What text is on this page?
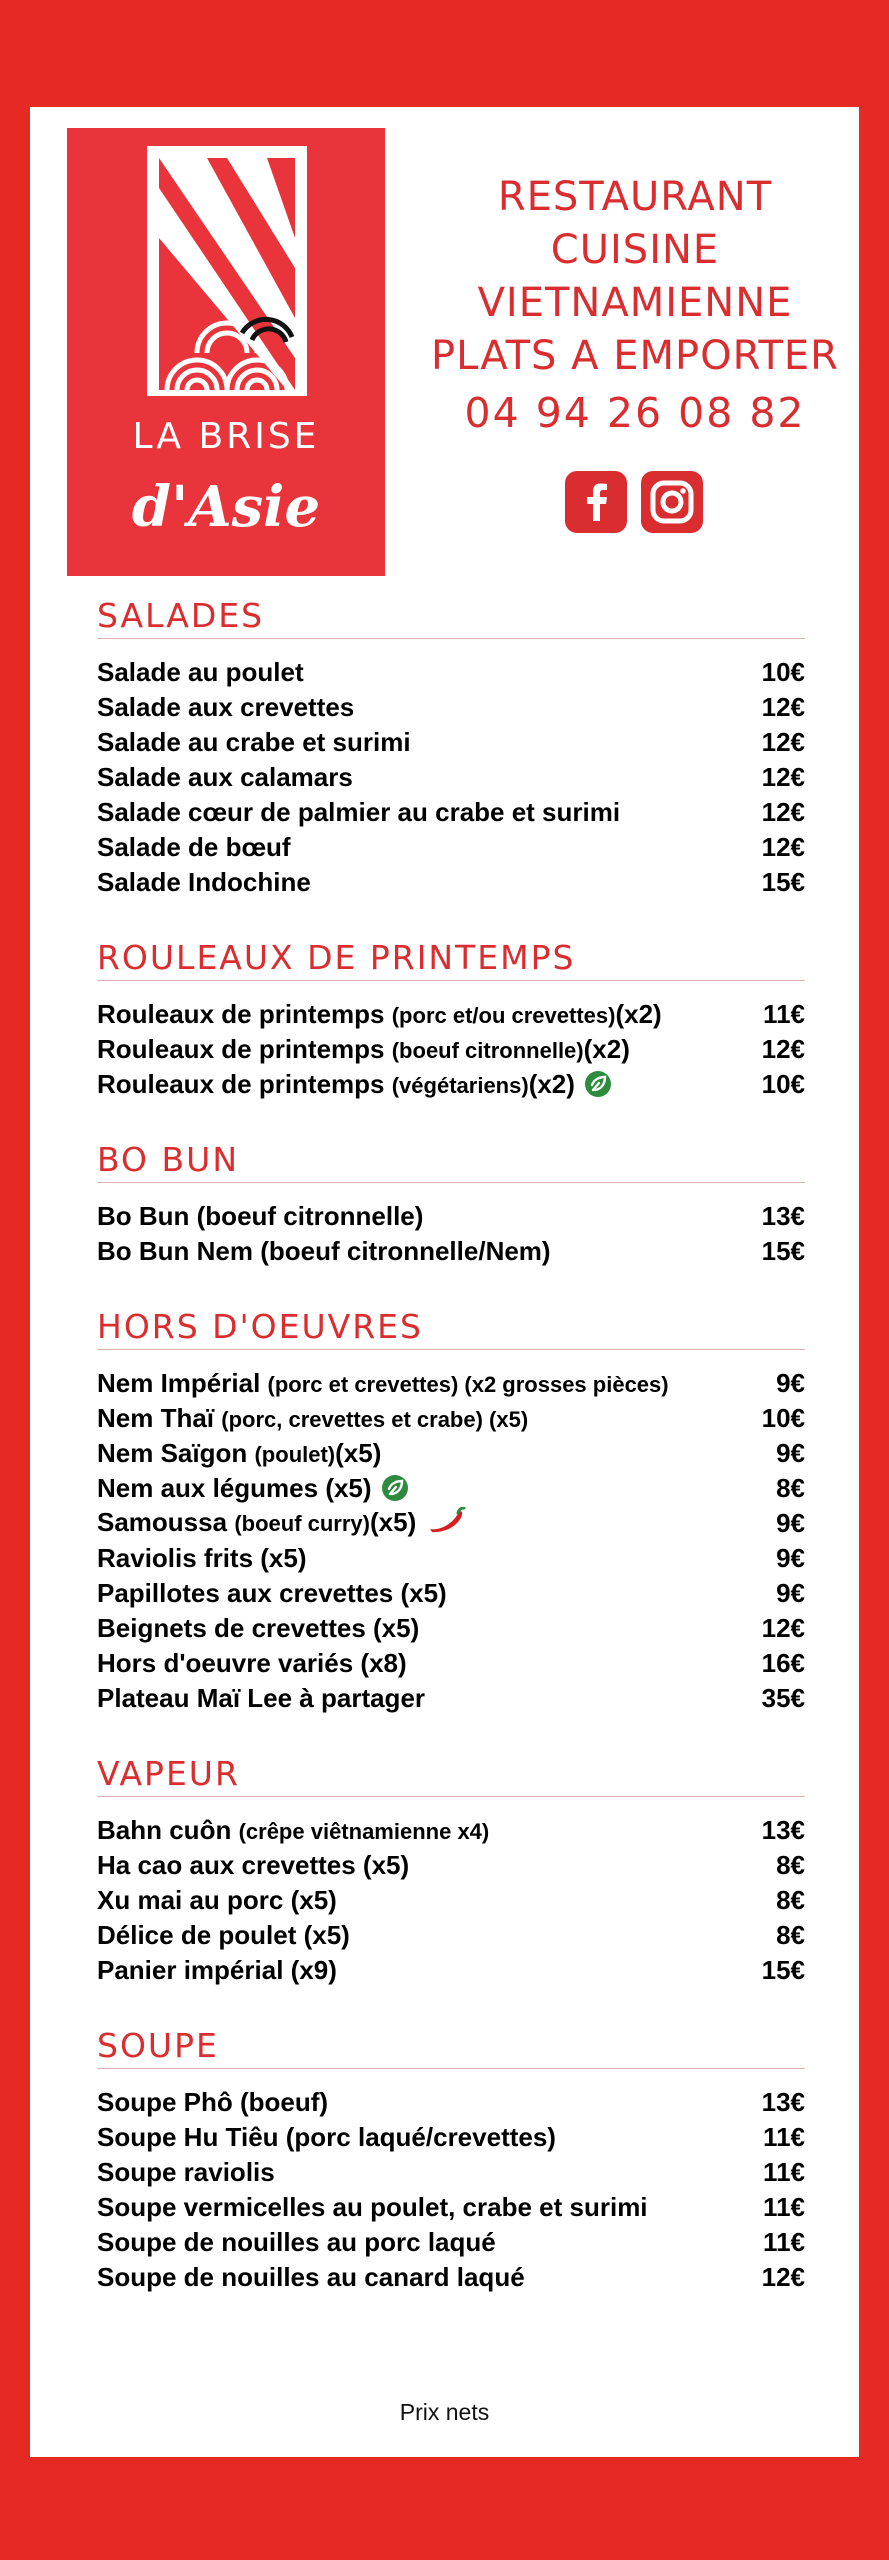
LA BRISE
d'Asie
RESTAURANT
CUISINE VIETNAMIENNE
PLATS A EMPORTER
04 94 26 08 82
SALADES
Salade au poulet	10€
Salade aux crevettes	12€
Salade au crabe et surimi	12€
Salade aux calamars	12€
Salade cœur de palmier au crabe et surimi	12€
Salade de bœuf	12€
Salade Indochine	15€
ROULEAUX DE PRINTEMPS
Rouleaux de printemps (porc et/ou crevettes)(x2)	11€
Rouleaux de printemps (boeuf citronnelle)(x2)	12€
Rouleaux de printemps (végétariens)(x2)	10€
BO BUN
Bo Bun (boeuf citronnelle)	13€
Bo Bun Nem (boeuf citronnelle/Nem)	15€
HORS D'OEUVRES
Nem Impérial (porc et crevettes) (x2 grosses pièces)	9€
Nem Thaï (porc, crevettes et crabe) (x5)	10€
Nem Saïgon (poulet)(x5)	9€
Nem aux légumes (x5)	8€
Samoussa (boeuf curry)(x5)	9€
Raviolis frits (x5)	9€
Papillotes aux crevettes (x5)	9€
Beignets de crevettes (x5)	12€
Hors d'oeuvre variés (x8)	16€
Plateau Maï Lee à partager	35€
VAPEUR
Bahn cuôn (crêpe viêtnamienne x4)	13€
Ha cao aux crevettes (x5)	8€
Xu mai au porc (x5)	8€
Délice de poulet (x5)	8€
Panier impérial (x9)	15€
SOUPE
Soupe Phô (boeuf)	13€
Soupe Hu Tiêu (porc laqué/crevettes)	11€
Soupe raviolis	11€
Soupe vermicelles au poulet, crabe et surimi	11€
Soupe de nouilles au porc laqué	11€
Soupe de nouilles au canard laqué	12€
Prix nets
